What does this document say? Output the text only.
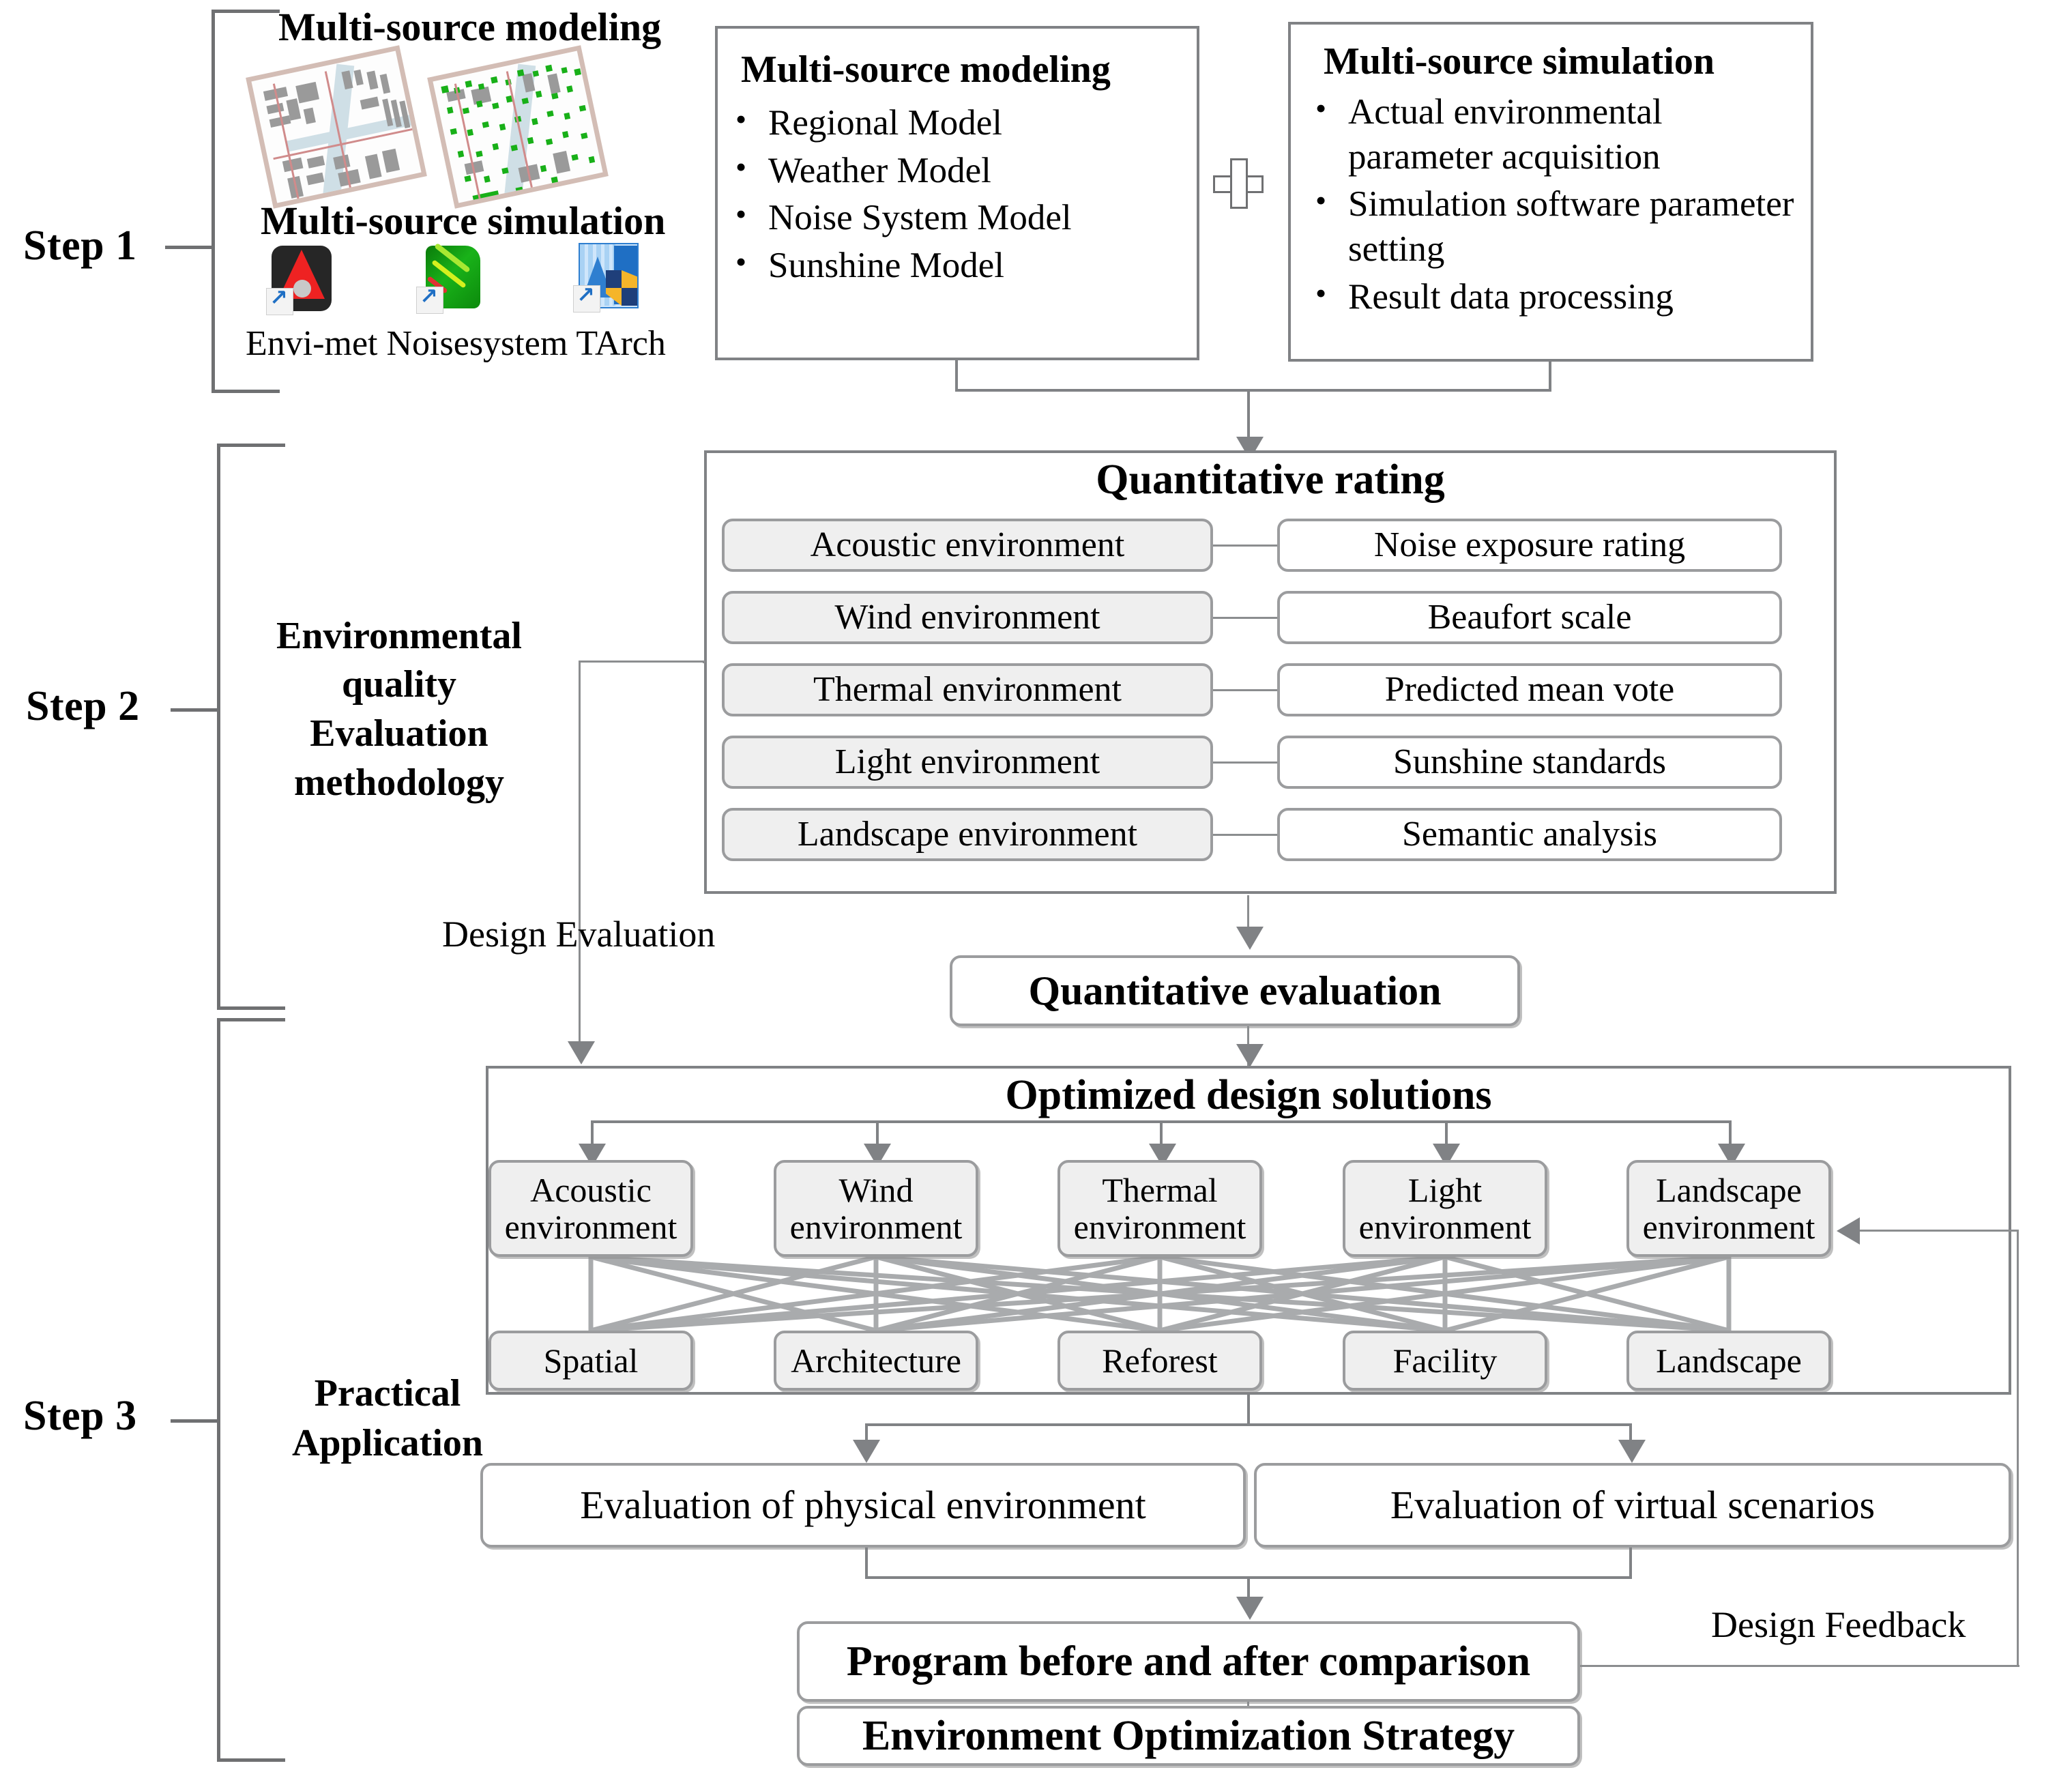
Step 1
Multi-source modeling
Multi-source simulation
↗
↗
↗
Envi-met Noisesystem TArch
Multi-source modeling
• Regional Model
• Weather Model
• Noise System Model
• Sunshine Model
Multi-source simulation
• Actual environmental parameter acquisition
• Simulation software parameter setting
• Result data processing
Step 2
Environmental
quality
Evaluation
methodology
Quantitative rating
Acoustic environment	Noise exposure rating
Wind environment	Beaufort scale
Thermal environment	Predicted mean vote
Light environment	Sunshine standards
Landscape environment	Semantic analysis
Quantitative evaluation
Design Evaluation
Step 3	Practical
Application
Optimized design solutions
Acoustic
environment
Wind
environment
Thermal
environment
Light
environment
Landscape
environment
Spatial	Architecture	Reforest	Facility	Landscape
Evaluation of physical environment	Evaluation of virtual scenarios
Program before and after comparison
Environment Optimization Strategy
Design Feedback
